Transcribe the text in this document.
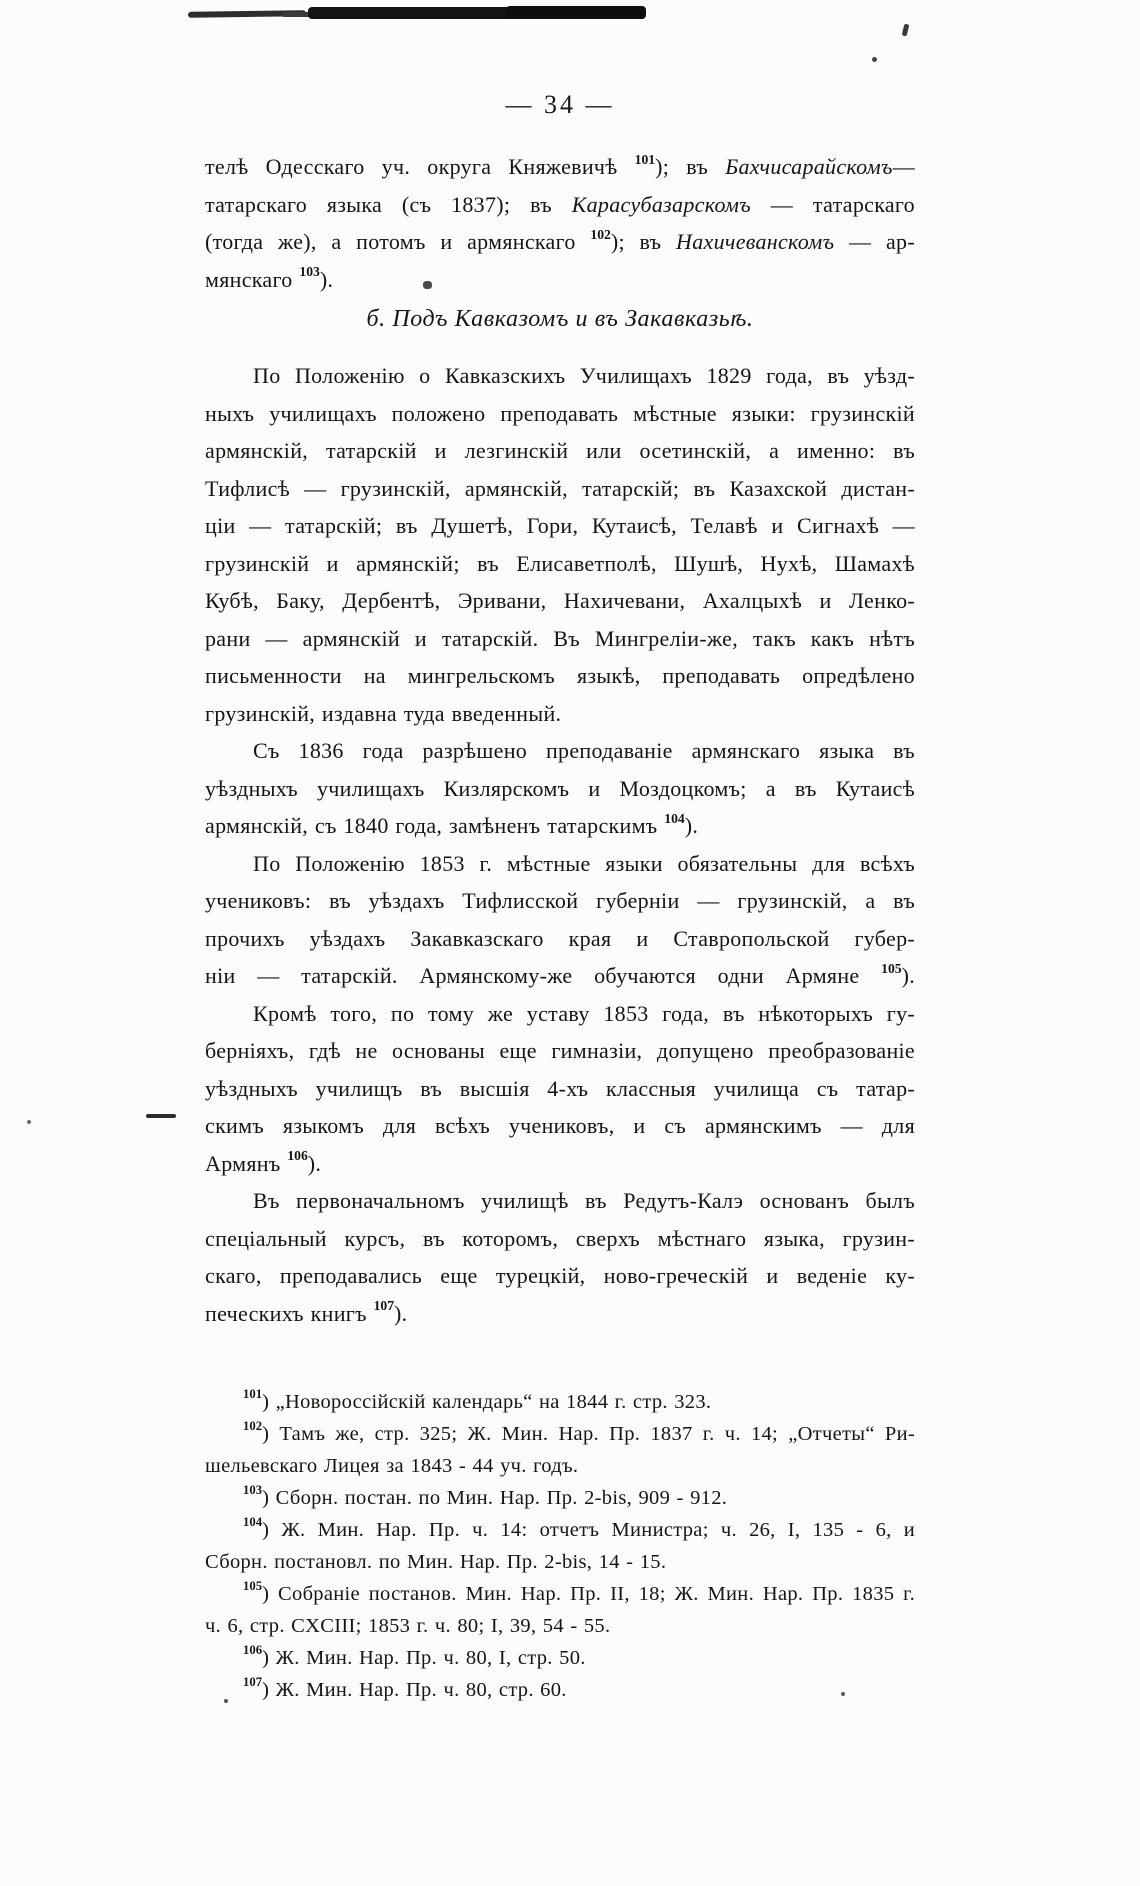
— 34 —
телѣ Одесскаго уч. округа Княжевичѣ $^{101}$); въ Бахчисарайскомъ—
татарскаго языка (съ 1837); въ Карасубазарскомъ — татарскаго
(тогда же), а потомъ и армянскаго $^{102}$); въ Нахичеванскомъ — ар-
мянскаго $^{103}$).
б. Подъ Кавказомъ и въ Закавказьѣ.
По Положенію о Кавказскихъ Училищахъ 1829 года, въ уѣзд-
ныхъ училищахъ положено преподавать мѣстные языки: грузинскій
армянскій, татарскій и лезгинскій или осетинскій, а именно: въ
Тифлисѣ — грузинскій, армянскій, татарскій; въ Казахской дистан-
ціи — татарскій; въ Душетѣ, Гори, Кутаисѣ, Телавѣ и Сигнахѣ —
грузинскій и армянскій; въ Елисаветполѣ, Шушѣ, Нухѣ, Шамахѣ
Кубѣ, Баку, Дербентѣ, Эривани, Нахичевани, Ахалцыхѣ и Ленко-
рани — армянскій и татарскій. Въ Мингреліи-же, такъ какъ нѣтъ
письменности на мингрельскомъ языкѣ, преподавать опредѣлено
грузинскій, издавна туда введенный.
Съ 1836 года разрѣшено преподаваніе армянскаго языка въ
уѣздныхъ училищахъ Кизлярскомъ и Моздоцкомъ; а въ Кутаисѣ
армянскій, съ 1840 года, замѣненъ татарскимъ $^{104}$).
По Положенію 1853 г. мѣстные языки обязательны для всѣхъ
учениковъ: въ уѣздахъ Тифлисской губерніи — грузинскій, а въ
прочихъ уѣздахъ Закавказскаго края и Ставропольской губер-
ніи — татарскій. Армянскому-же обучаются одни Армяне $^{105}$).
Кромѣ того, по тому же уставу 1853 года, въ нѣкоторыхъ гу-
берніяхъ, гдѣ не основаны еще гимназіи, допущено преобразованіе
уѣздныхъ училищъ въ высшія 4-хъ классныя училища съ татар-
скимъ языкомъ для всѣхъ учениковъ, и съ армянскимъ — для
Армянъ $^{106}$).
Въ первоначальномъ училищѣ въ Редутъ-Калэ основанъ былъ
спеціальный курсъ, въ которомъ, сверхъ мѣстнаго языка, грузин-
скаго, преподавались еще турецкій, ново-греческій и веденіе ку-
печескихъ книгъ $^{107}$).
$^{101}$) „Новороссійскій календарь“ на 1844 г. стр. 323.
$^{102}$) Тамъ же, стр. 325; Ж. Мин. Нар. Пр. 1837 г. ч. 14; „Отчеты“ Ри-
шельевскаго Лицея за 1843 - 44 уч. годъ.
$^{103}$) Сборн. постан. по Мин. Нар. Пр. 2-bis, 909 - 912.
$^{104}$) Ж. Мин. Нар. Пр. ч. 14: отчетъ Министра; ч. 26, I, 135 - 6, и
Сборн. постановл. по Мин. Нар. Пр. 2-bis, 14 - 15.
$^{105}$) Собраніе постанов. Мин. Нар. Пр. II, 18; Ж. Мин. Нар. Пр. 1835 г.
ч. 6, стр. CXCIII; 1853 г. ч. 80; I, 39, 54 - 55.
$^{106}$) Ж. Мин. Нар. Пр. ч. 80, I, стр. 50.
$^{107}$) Ж. Мин. Нар. Пр. ч. 80, стр. 60.
